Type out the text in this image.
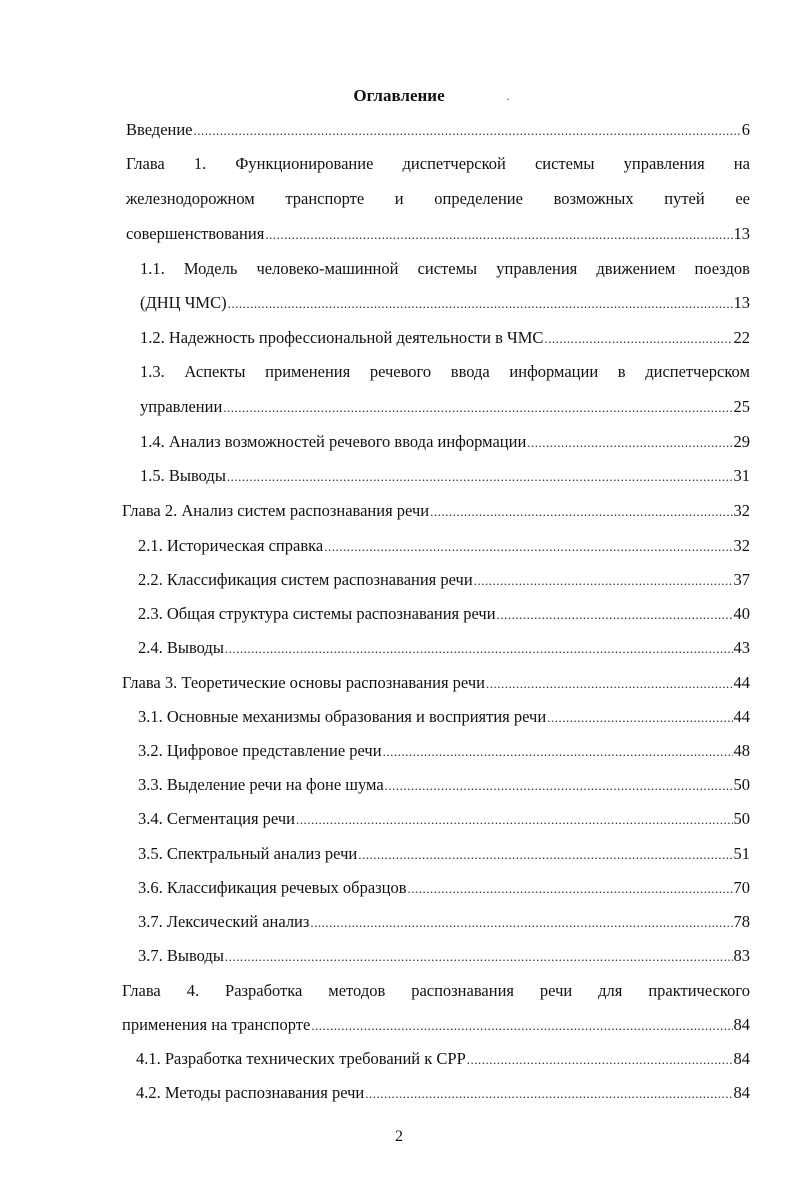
Оглавление	·
Введение .....	6
Глава 1. Функционирование диспетчерской системы управления на
железнодорожном транспорте и определение возможных путей ее
совершенствования .....	13
1.1. Модель человеко-машинной системы управления движением поездов
(ДНЦ ЧМС) .....	13
1.2. Надежность профессиональной деятельности в ЧМС .....	22
1.3. Аспекты применения речевого ввода информации в диспетчерском
управлении .....	25
1.4. Анализ возможностей речевого ввода информации .....	29
1.5. Выводы .....	31
Глава 2. Анализ систем распознавания речи .....	32
2.1. Историческая справка .....	32
2.2. Классификация систем распознавания речи .....	37
2.3. Общая структура системы распознавания речи .....	40
2.4. Выводы .....	43
Глава 3. Теоретические основы распознавания речи .....	44
3.1. Основные механизмы образования и восприятия речи .....	44
3.2. Цифровое представление речи .....	48
3.3. Выделение речи на фоне шума .....	50
3.4. Сегментация речи .....	50
3.5. Спектральный анализ речи .....	51
3.6. Классификация речевых образцов .....	70
3.7. Лексический анализ .....	78
3.7. Выводы .....	83
Глава 4. Разработка методов распознавания речи для практического
применения на транспорте .....	84
4.1. Разработка технических требований к СРР .....	84
4.2. Методы распознавания речи .....	84
2
